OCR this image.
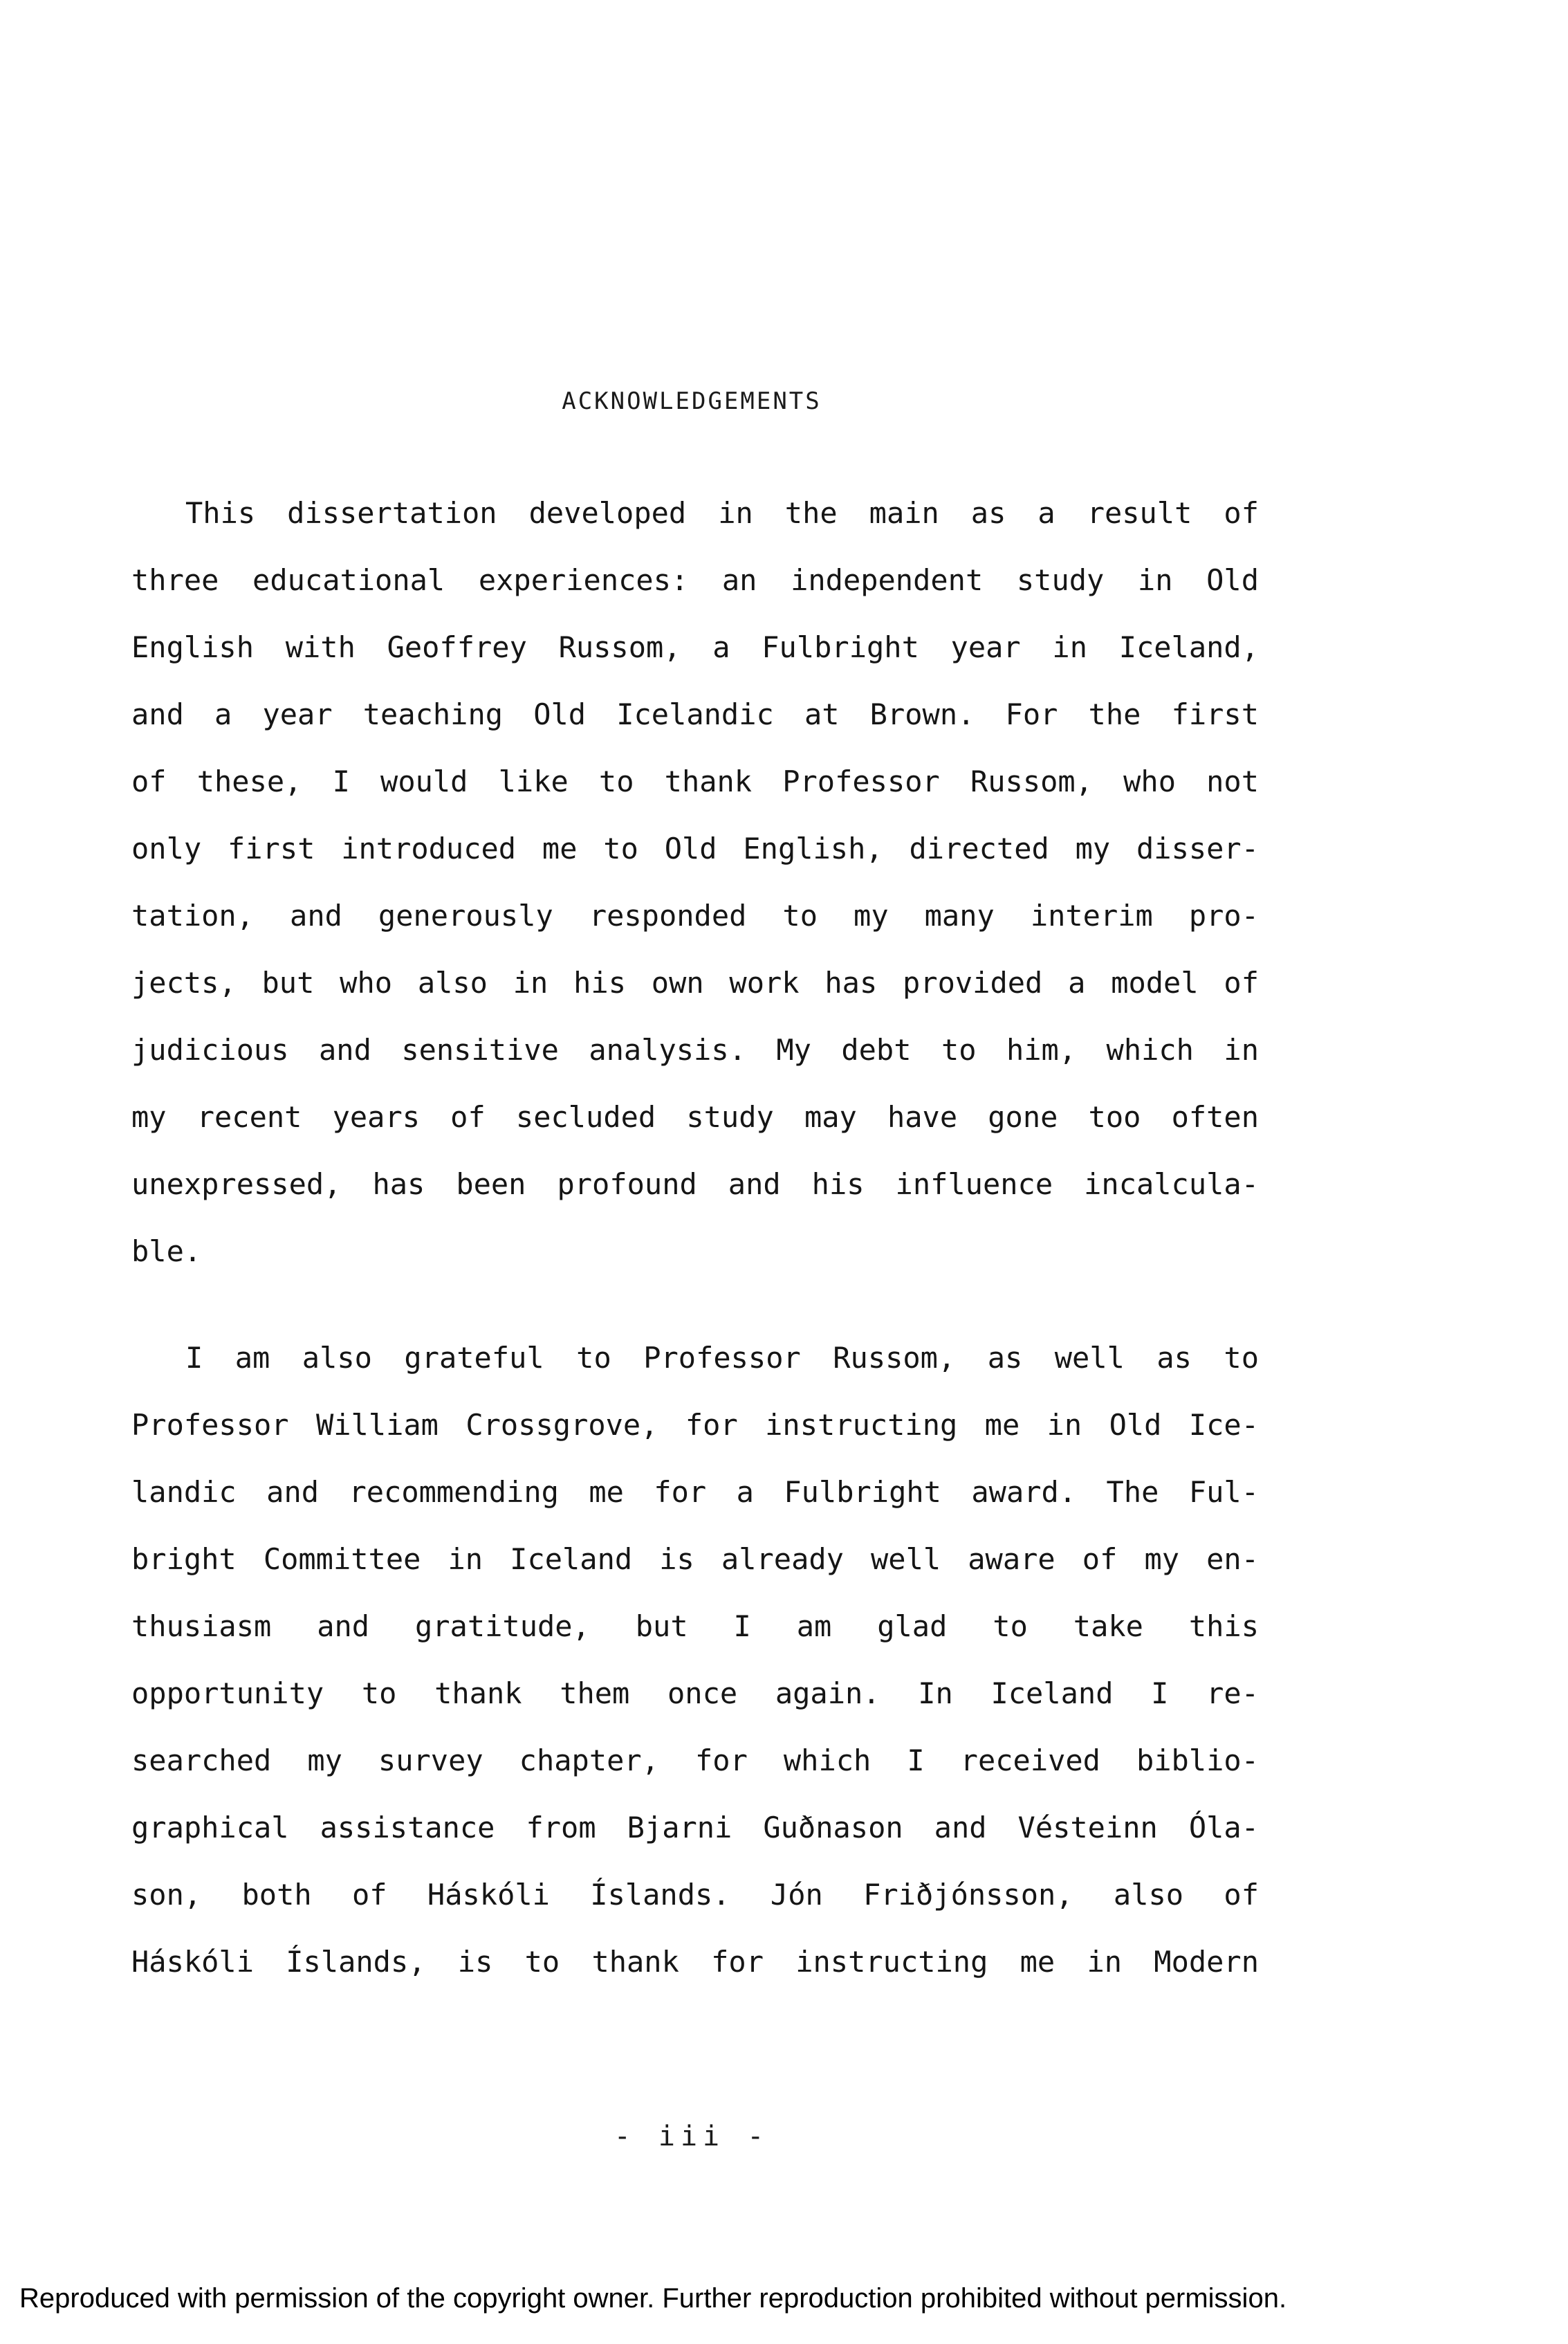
ACKNOWLEDGEMENTS
This dissertation developed in the main as a result of
three educational experiences: an independent study in Old
English with Geoffrey Russom, a Fulbright year in Iceland,
and a year teaching Old Icelandic at Brown. For the first
of these, I would like to thank Professor Russom, who not
only first introduced me to Old English, directed my disser-
tation, and generously responded to my many interim pro-
jects, but who also in his own work has provided a model of
judicious and sensitive analysis. My debt to him, which in
my recent years of secluded study may have gone too often
unexpressed, has been profound and his influence incalcula-
ble.
I am also grateful to Professor Russom, as well as to
Professor William Crossgrove, for instructing me in Old Ice-
landic and recommending me for a Fulbright award. The Ful-
bright Committee in Iceland is already well aware of my en-
thusiasm and gratitude, but I am glad to take this
opportunity to thank them once again. In Iceland I re-
searched my survey chapter, for which I received biblio-
graphical assistance from Bjarni Guðnason and Vésteinn Óla-
son, both of Háskóli Íslands. Jón Friðjónsson, also of
Háskóli Íslands, is to thank for instructing me in Modern
- iii -
Reproduced with permission of the copyright owner. Further reproduction prohibited without permission.
